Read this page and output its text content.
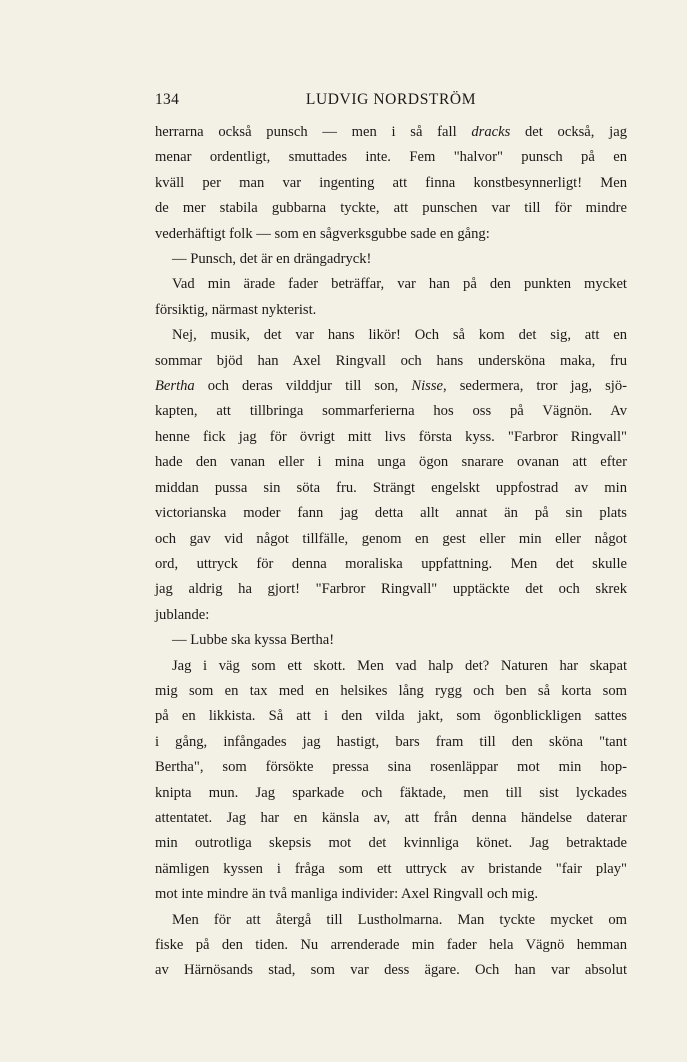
134	LUDVIG NORDSTRÖM

herrarna också punsch — men i så fall dracks det också, jag

menar ordentligt, smuttades inte. Fem "halvor" punsch på en

kväll per man var ingenting att finna konstbesynnerligt! Men

de mer stabila gubbarna tyckte, att punschen var till för mindre

vederhäftigt folk — som en sågverksgubbe sade en gång:

— Punsch, det är en drängadryck!

Vad min ärade fader beträffar, var han på den punkten mycket

försiktig, närmast nykterist.

Nej, musik, det var hans likör! Och så kom det sig, att en

sommar bjöd han Axel Ringvall och hans undersköna maka, fru

Bertha och deras vilddjur till son, Nisse, sedermera, tror jag, sjö-

kapten, att tillbringa sommarferierna hos oss på Vägnön. Av

henne fick jag för övrigt mitt livs första kyss. "Farbror Ringvall"

hade den vanan eller i mina unga ögon snarare ovanan att efter

middan pussa sin söta fru. Strängt engelskt uppfostrad av min

victorianska moder fann jag detta allt annat än på sin plats

och gav vid något tillfälle, genom en gest eller min eller något

ord, uttryck för denna moraliska uppfattning. Men det skulle

jag aldrig ha gjort! "Farbror Ringvall" upptäckte det och skrek

jublande:

— Lubbe ska kyssa Bertha!

Jag i väg som ett skott. Men vad halp det? Naturen har skapat

mig som en tax med en helsikes lång rygg och ben så korta som

på en likkista. Så att i den vilda jakt, som ögonblickligen sattes

i gång, infångades jag hastigt, bars fram till den sköna "tant

Bertha", som försökte pressa sina rosenläppar mot min hop-

knipta mun. Jag sparkade och fäktade, men till sist lyckades

attentatet. Jag har en känsla av, att från denna händelse daterar

min outrotliga skepsis mot det kvinnliga könet. Jag betraktade

nämligen kyssen i fråga som ett uttryck av bristande "fair play"

mot inte mindre än två manliga individer: Axel Ringvall och mig.

Men för att återgå till Lustholmarna. Man tyckte mycket om

fiske på den tiden. Nu arrenderade min fader hela Vägnö hemman

av Härnösands stad, som var dess ägare. Och han var absolut
